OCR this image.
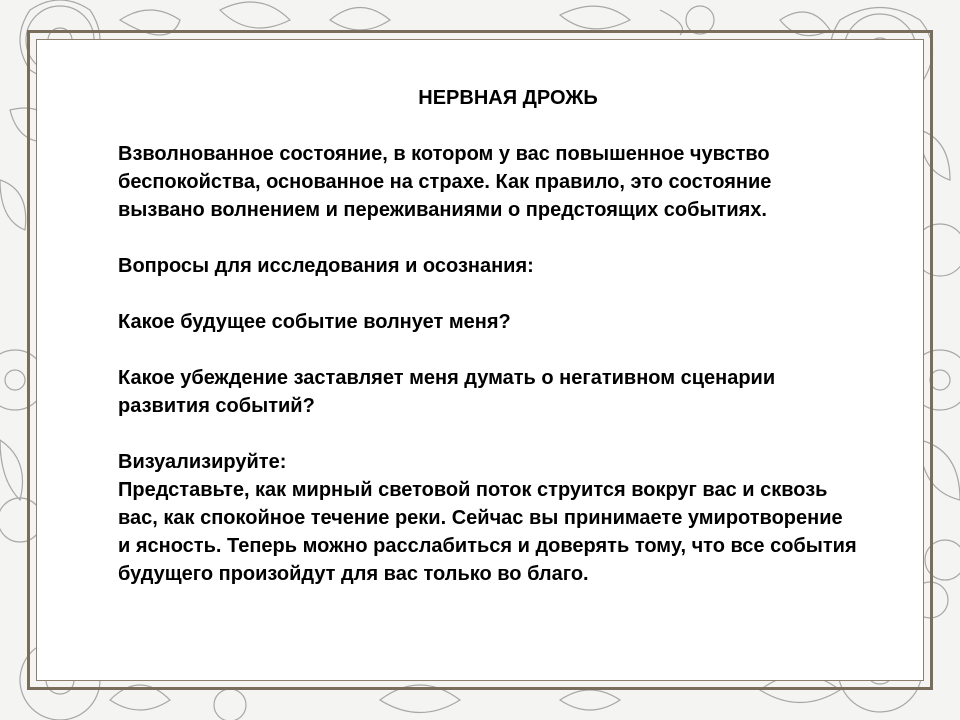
НЕРВНАЯ ДРОЖЬ

Взволнованное состояние, в котором у вас повышенное чувство беспокойства, основанное на страхе. Как правило, это состояние вызвано волнением и переживаниями о предстоящих событиях.

Вопросы для исследования и осознания:

Какое будущее событие волнует меня?

Какое убеждение заставляет меня думать о негативном сценарии развития событий?

Визуализируйте:

Представьте, как мирный световой поток струится вокруг вас и сквозь вас, как спокойное течение реки. Сейчас вы принимаете умиротворение и ясность. Теперь можно расслабиться и доверять тому, что все события будущего произойдут для вас только во благо.
